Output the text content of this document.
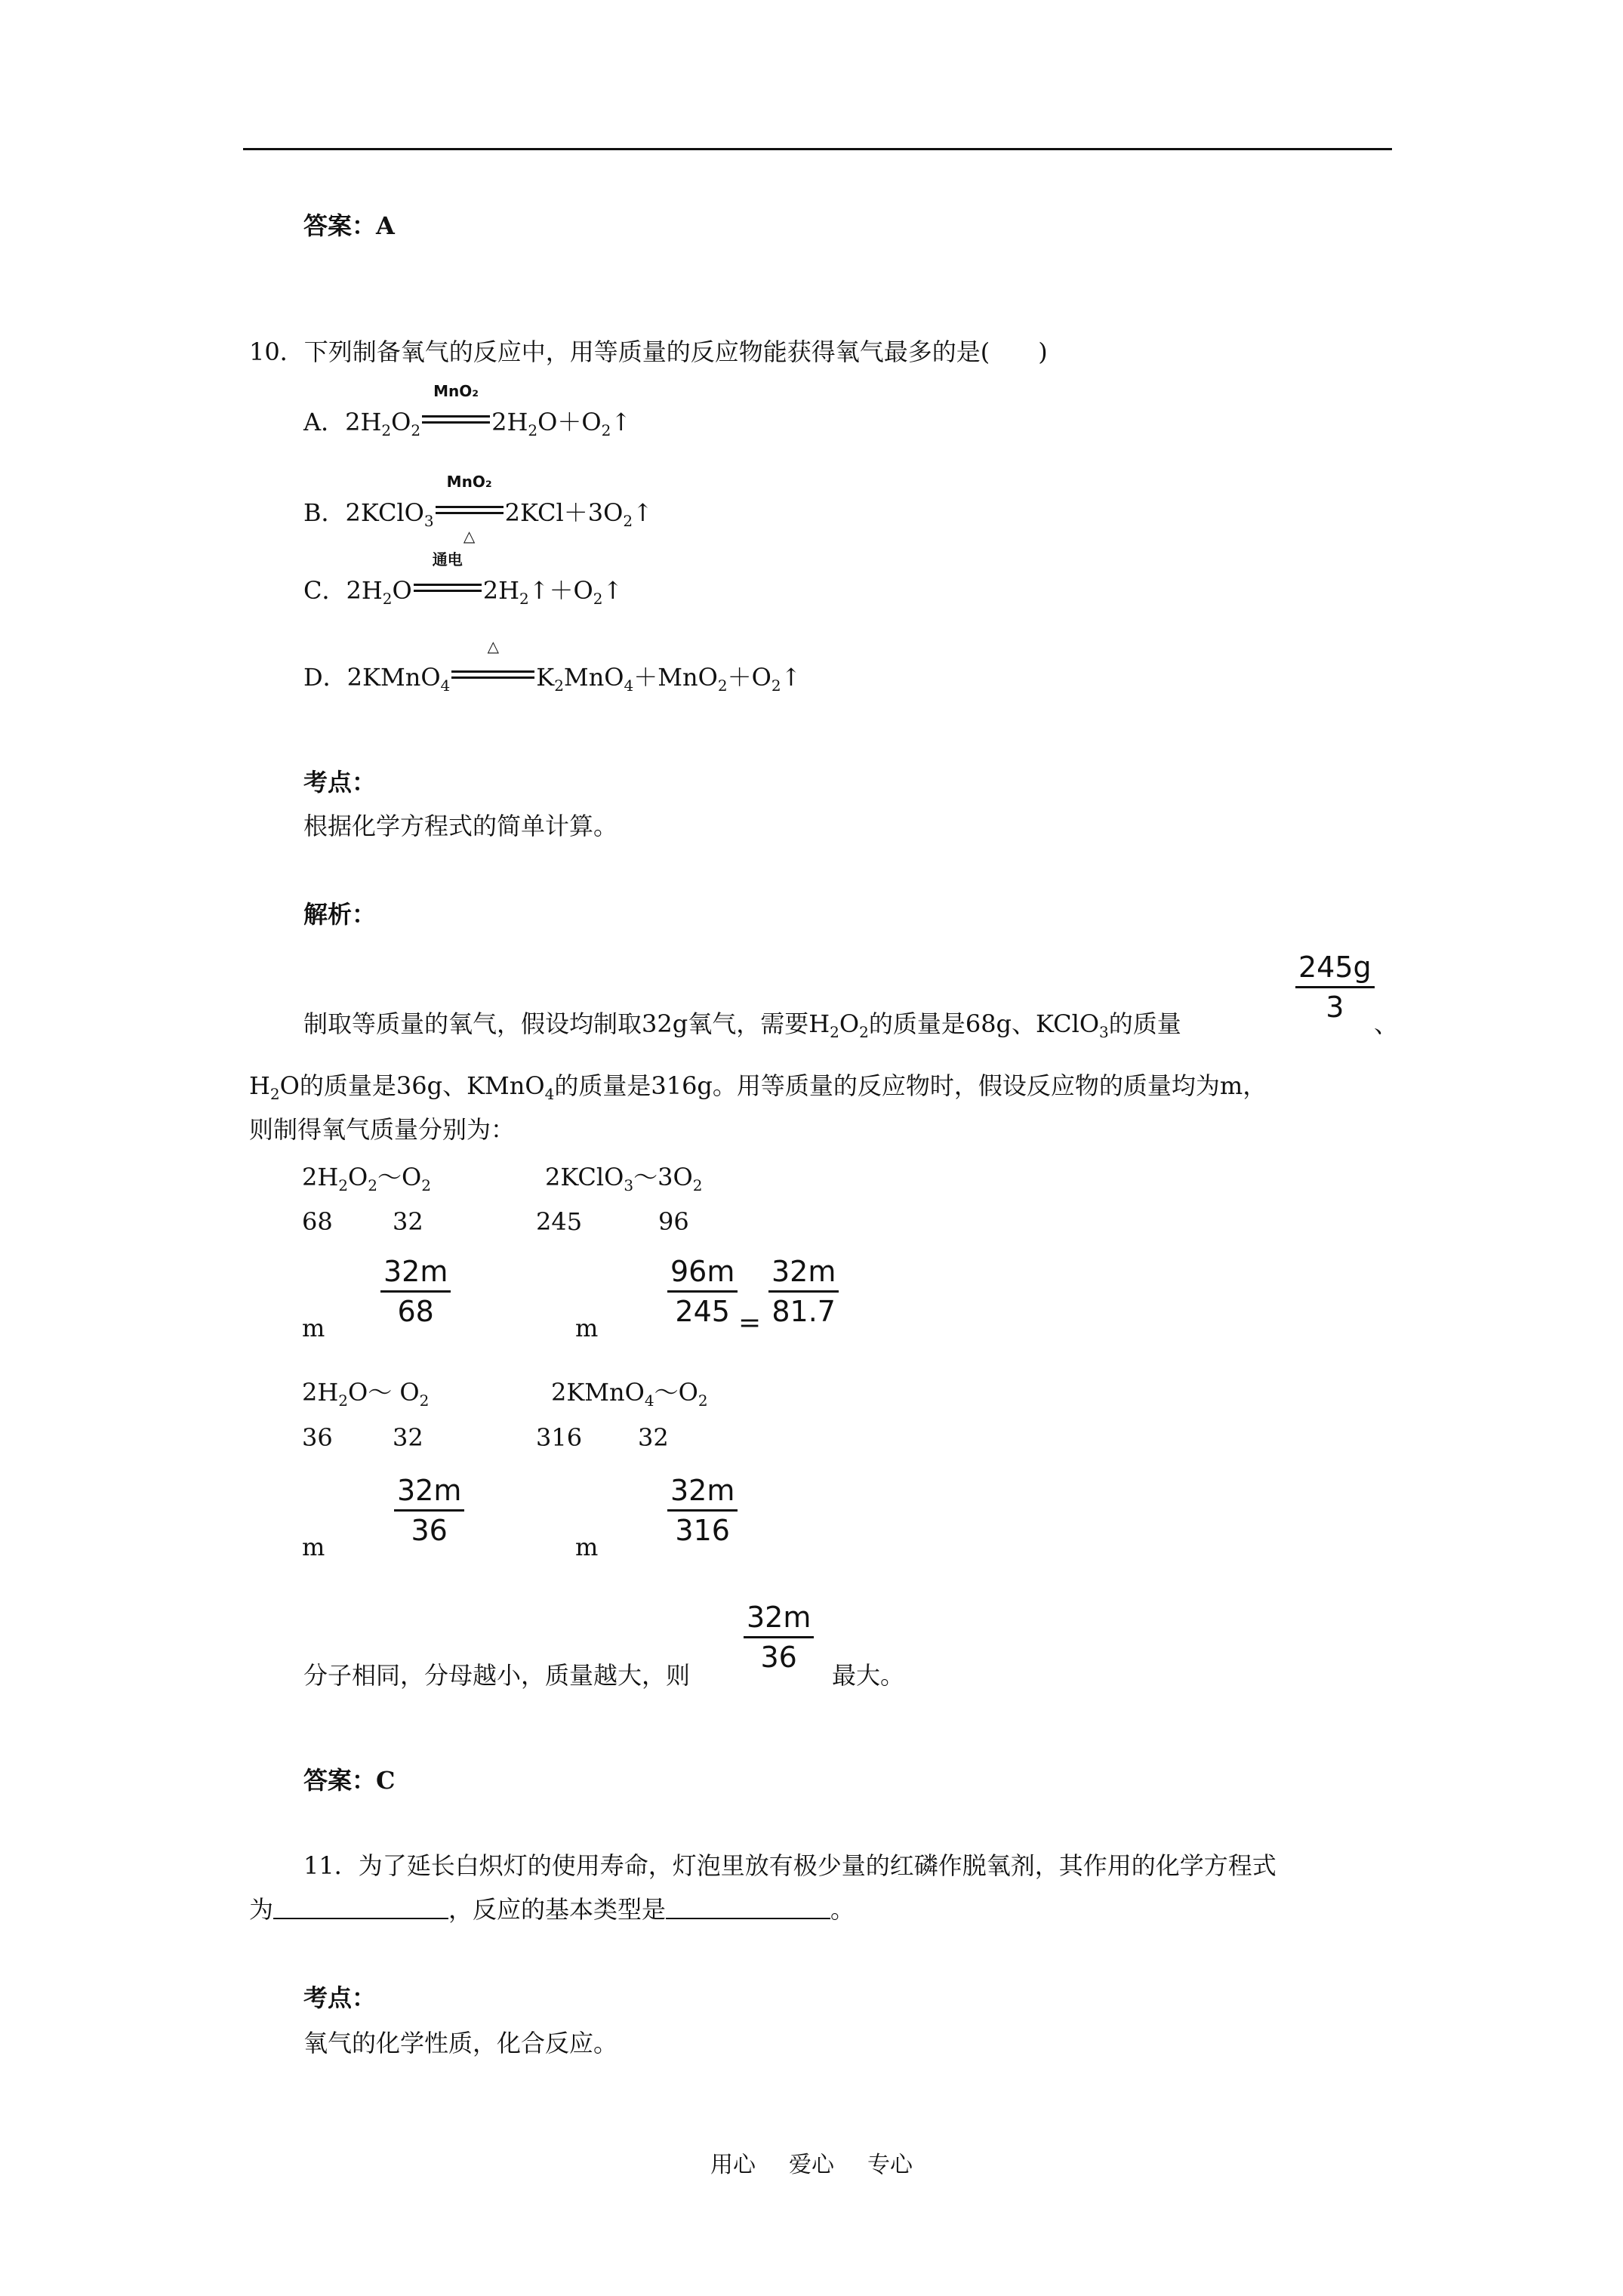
答案：A
10．下列制备氧气的反应中，用等质量的反应物能获得氧气最多的是(　　)
A．$2H_2O_2$
MnO₂
$2H_2O+O_2↑$
B．2KClO$_3$
MnO₂
△
$2KCl+3O_2↑$
C．$2H_2O$
通电
$2H_2↑+O_2↑$
D．2KMnO$_4$
△
$K_2MnO_4+MnO_2+O_2↑$
考点：
根据化学方程式的简单计算。
解析：
制取等质量的氧气，假设均制取32g氧气，需要$H_2O_2$的质量是68g、KClO$_3$的质量
245g
3	、
$H_2O$的质量是36g、KMnO$_4$的质量是316g。用等质量的反应物时，假设反应物的质量均为m，
则制得氧气质量分别为：
$2H_2O_2\sim O_2$	$2KClO_3\sim 3O_2$
68 32	245	96
m
32m
68	m
96m
245 =
32m
81.7
$2H_2O\sim$ $O_2$	$2KMnO_4\sim O_2$
36 32	316 32
m
32m
36	m
32m
316
分子相同，分母越小，质量越大，则
32m
36
最大。
答案：C
11．为了延长白炽灯的使用寿命，灯泡里放有极少量的红磷作脱氧剂，其作用的化学方程式
为	，反应的基本类型是	。
考点：
氧气的化学性质，化合反应。
用心 爱心 专心
